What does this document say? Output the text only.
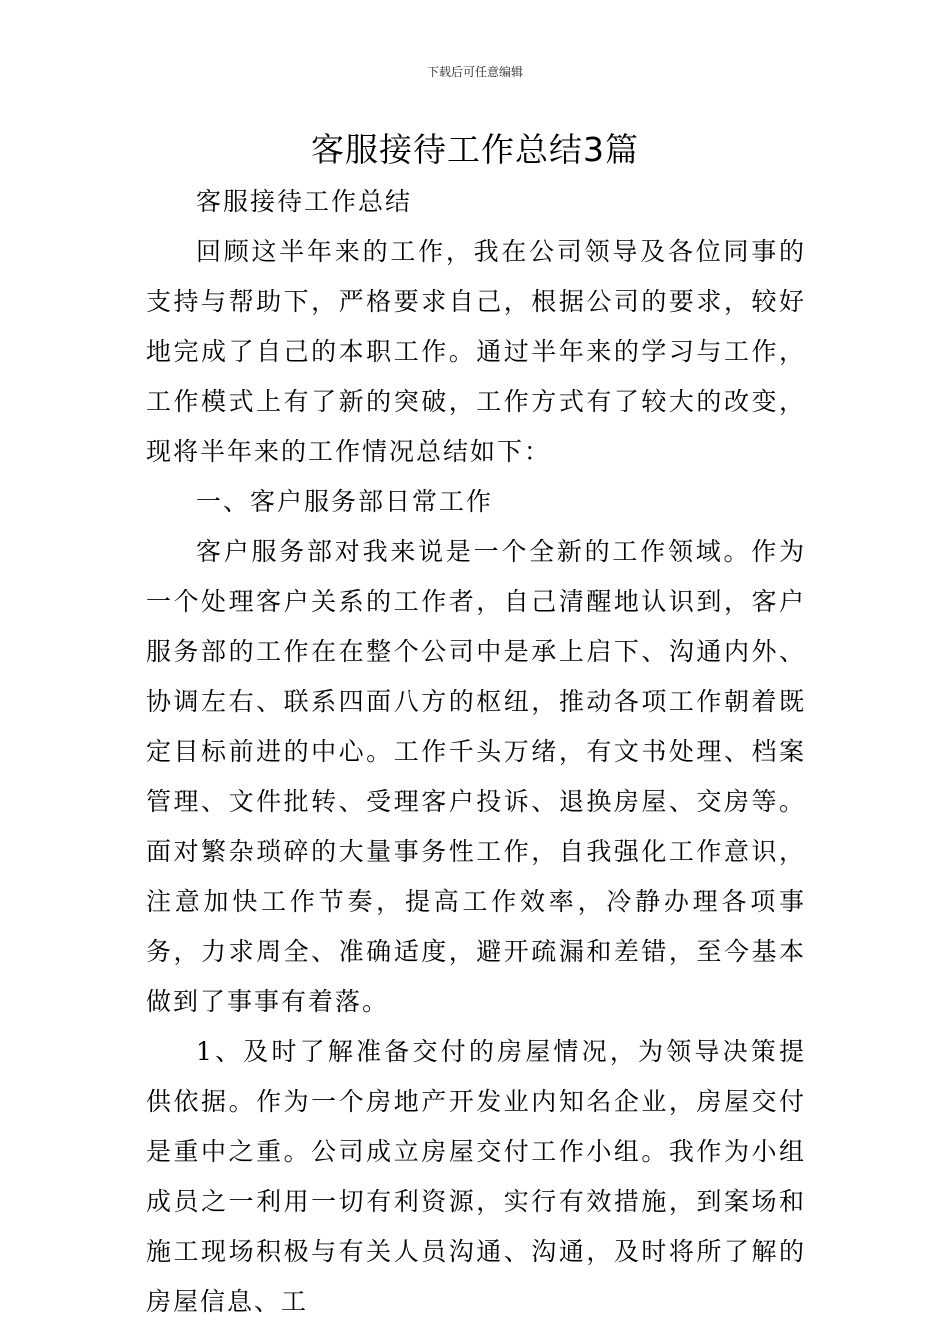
下载后可任意编辑
客服接待工作总结3篇

客服接待工作总结

回顾这半年来的工作，我在公司领导及各位同事的支持与帮助下，严格要求自己，根据公司的要求，较好地完成了自己的本职工作。通过半年来的学习与工作，工作模式上有了新的突破，工作方式有了较大的改变，现将半年来的工作情况总结如下：

一、客户服务部日常工作

客户服务部对我来说是一个全新的工作领域。作为一个处理客户关系的工作者，自己清醒地认识到，客户服务部的工作在在整个公司中是承上启下、沟通内外、协调左右、联系四面八方的枢纽，推动各项工作朝着既定目标前进的中心。工作千头万绪，有文书处理、档案管理、文件批转、受理客户投诉、退换房屋、交房等。面对繁杂琐碎的大量事务性工作，自我强化工作意识，注意加快工作节奏，提高工作效率，冷静办理各项事务，力求周全、准确适度，避开疏漏和差错，至今基本做到了事事有着落。

1、及时了解准备交付的房屋情况，为领导决策提供依据。作为一个房地产开发业内知名企业，房屋交付是重中之重。公司成立房屋交付工作小组。我作为小组成员之一利用一切有利资源，实行有效措施，到案场和施工现场积极与有关人员沟通、沟通，及时将所了解的房屋信息、工
